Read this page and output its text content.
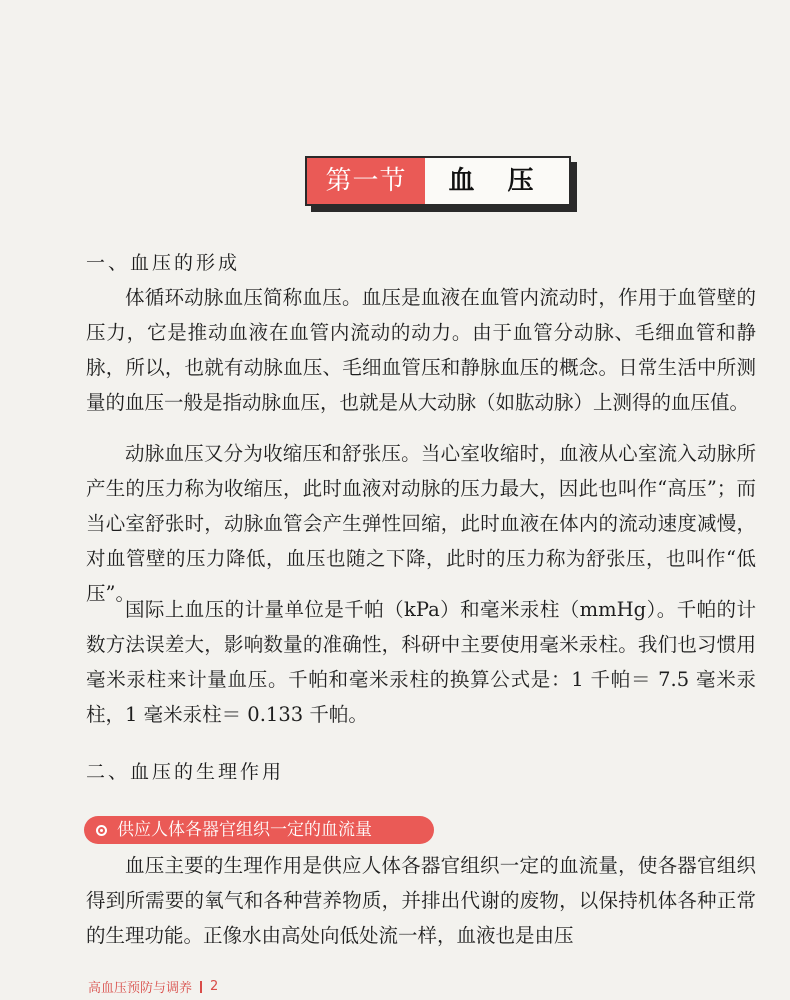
第一节	血 压
一、血压的形成

体循环动脉血压简称血压。血压是血液在血管内流动时，作用于血管壁的压力，它是推动血液在血管内流动的动力。由于血管分动脉、毛细血管和静脉，所以，也就有动脉血压、毛细血管压和静脉血压的概念。日常生活中所测量的血压一般是指动脉血压，也就是从大动脉（如肱动脉）上测得的血压值。

动脉血压又分为收缩压和舒张压。当心室收缩时，血液从心室流入动脉所产生的压力称为收缩压，此时血液对动脉的压力最大，因此也叫作“高压”；而当心室舒张时，动脉血管会产生弹性回缩，此时血液在体内的流动速度减慢，对血管壁的压力降低，血压也随之下降，此时的压力称为舒张压，也叫作“低压”。

国际上血压的计量单位是千帕（kPa）和毫米汞柱（mmHg）。千帕的计数方法误差大，影响数量的准确性，科研中主要使用毫米汞柱。我们也习惯用毫米汞柱来计量血压。千帕和毫米汞柱的换算公式是：1 千帕＝ 7.5 毫米汞柱，1 毫米汞柱＝ 0.133 千帕。

二、血压的生理作用
供应人体各器官组织一定的血流量

血压主要的生理作用是供应人体各器官组织一定的血流量，使各器官组织得到所需要的氧气和各种营养物质，并排出代谢的废物，以保持机体各种正常的生理功能。正像水由高处向低处流一样，血液也是由压

高血压预防与调养 2
